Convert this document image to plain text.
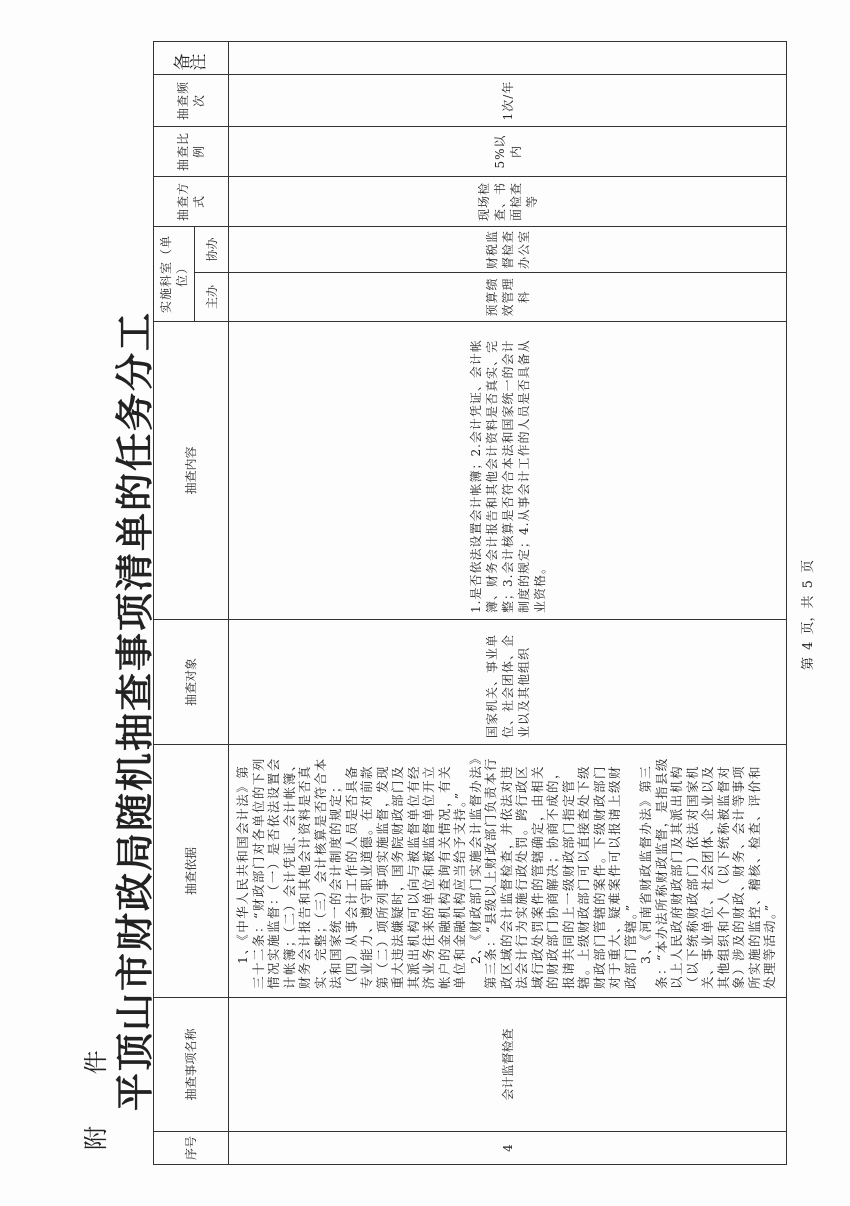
附 件 平顶山市财政局随机抽查事项清单的任务分工
序号	抽查事项名称	抽查依据	抽查对象	抽查内容	实施科室（单位）		抽查方式	抽查比例	抽查频次	备注
					主办	协办				
4	会计监督检查	1、《中华人民共和国会计法》第三十二条：“财政部门对各单位的下列情况实施监督：（一）是否依法设置会计帐簿；（二）会计凭证、会计帐簿、财务会计报告和其他会计资料是否真实、完整；（三）会计核算是否符合本法和国家统一的会计制度的规定；（四）从事会计工作的人员是否具备专业能力、遵守职业道德。在对前款第（二）项所列事项实施监督，发现重大违法嫌疑时，国务院财政部门及其派出机构可以向与被监督单位有经济业务往来的单位和被监督单位开立帐户的金融机构查询有关情况，有关单位和金融机构应当给予支持。” 2、《财政部门实施会计监督办法》第三条：“县级以上财政部门负责本行政区域的会计监督检查，并依法对违法会计行为实施行政处罚。跨行政区域行政处罚案件的管辖确定，由相关的财政部门协商解决；协商不成的，报请共同的上一级财政部门指定管辖。上级财政部门可以直接查处下级财政部门管辖的案件。下级财政部门对于重大、疑难案件可以报请上级财政部门管辖。” 3、《河南省财政监督办法》第三条：“本办法所称财政监督，是指县级以上人民政府财政部门及其派出机构（以下统称财政部门）依法对国家机关、事业单位、社会团体、企业以及其他组织和个人（以下统称被监督对象）涉及的财政、财务、会计等事项所实施的监控、稽核、检查、评价和处理等活动。”	国家机关、事业单位、社会团体、企业以及其他组织	1.是否依法设置会计帐簿；2.会计凭证、会计帐簿、财务会计报告和其他会计资料是否真实、完整；3.会计核算是否符合本法和国家统一的会计制度的规定；4.从事会计工作的人员是否具备从业资格。	预算绩效管理科	财税监督检查办公室	现场检查、书面检查等	5%以内	1次/年	
第 4 页，共 5 页
